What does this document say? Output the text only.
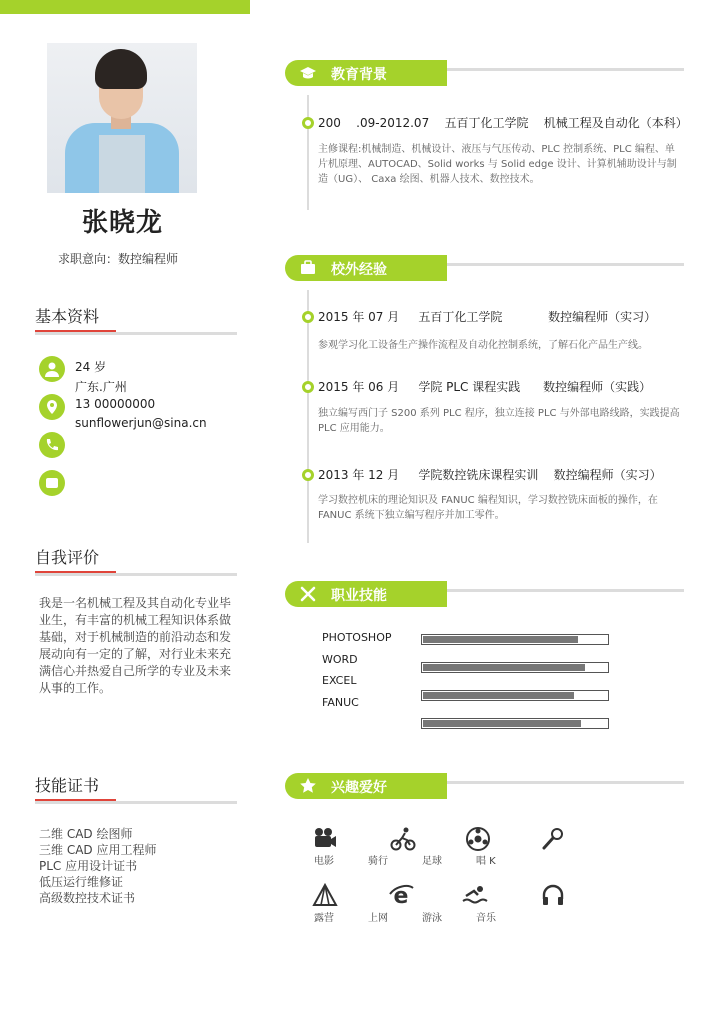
张晓龙
求职意向：数控编程师
基本资料
24 岁
广东.广州
13 00000000
sunflowerjun@sina.cn
自我评价
我是一名机械工程及其自动化专业毕业生，有丰富的机械工程知识体系做基础，对于机械制造的前沿动态和发展动向有一定的了解，对行业未来充满信心并热爱自己所学的专业及未来从事的工作。
技能证书
二维 CAD 绘图师
三维 CAD 应用工程师
PLC 应用设计证书
低压运行维修证
高级数控技术证书
教育背景
200    .09-2012.07    五百丁化工学院    机械工程及自动化（本科）
主修课程:机械制造、机械设计、液压与气压传动、PLC 控制系统、PLC 编程、单片机原理、AUTOCAD、Solid works 与 Solid edge 设计、计算机辅助设计与制造（UG）、 Caxa 绘图、机器人技术、数控技术。
校外经验
2015 年 07 月     五百丁化工学院            数控编程师（实习）
参观学习化工设备生产操作流程及自动化控制系统，了解石化产品生产线。
2015 年 06 月     学院 PLC 课程实践      数控编程师（实践）
独立编写西门子 S200 系列 PLC 程序，独立连接 PLC 与外部电路线路，实践提高 PLC 应用能力。
2013 年 12 月     学院数控铣床课程实训    数控编程师（实习）
学习数控机床的理论知识及 FANUC 编程知识，学习数控铣床面板的操作，在 FANUC 系统下独立编写程序并加工零件。
职业技能
PHOTOSHOP
WORD
EXCEL
FANUC
兴趣爱好
电影	骑行	足球	唱 K
e
露营	上网	游泳	音乐
